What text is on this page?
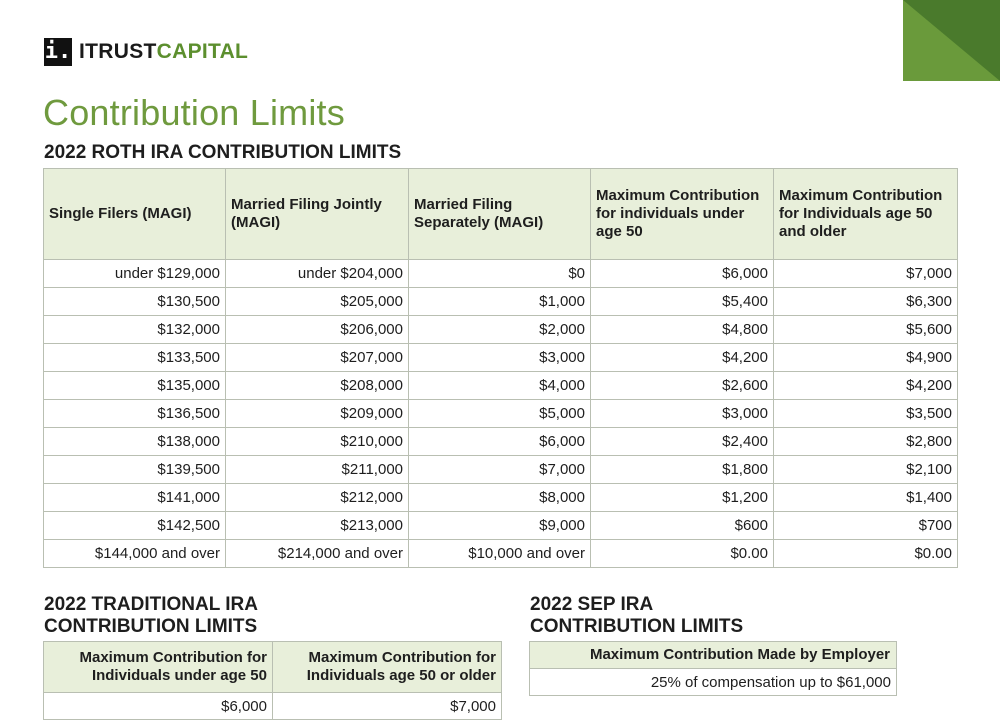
i. ITRUSTCAPITAL
Contribution Limits
2022 ROTH IRA CONTRIBUTION LIMITS
Single Filers (MAGI)	Married Filing Jointly (MAGI)	Married Filing Separately (MAGI)	Maximum Contribution for individuals under age 50	Maximum Contribution for Individuals age 50 and older
under $129,000	under $204,000	$0	$6,000	$7,000
$130,500	$205,000	$1,000	$5,400	$6,300
$132,000	$206,000	$2,000	$4,800	$5,600
$133,500	$207,000	$3,000	$4,200	$4,900
$135,000	$208,000	$4,000	$2,600	$4,200
$136,500	$209,000	$5,000	$3,000	$3,500
$138,000	$210,000	$6,000	$2,400	$2,800
$139,500	$211,000	$7,000	$1,800	$2,100
$141,000	$212,000	$8,000	$1,200	$1,400
$142,500	$213,000	$9,000	$600	$700
$144,000 and over	$214,000 and over	$10,000 and over	$0.00	$0.00
2022 TRADITIONAL IRA
CONTRIBUTION LIMITS
Maximum Contribution for Individuals under age 50	Maximum Contribution for Individuals age 50 or older
$6,000	$7,000
2022 SEP IRA
CONTRIBUTION LIMITS
Maximum Contribution Made by Employer
25% of compensation up to $61,000
